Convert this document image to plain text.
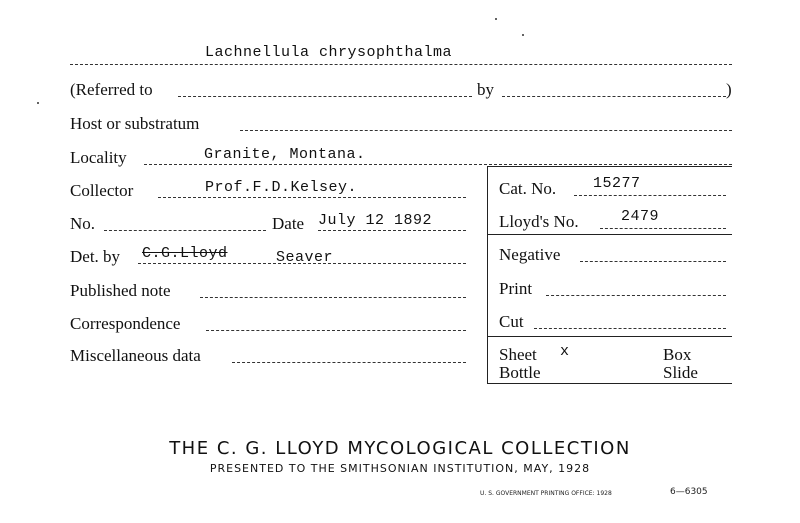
Lachnellula chrysophthalma
(Referred to	by	)
Host or substratum
Locality	Granite, Montana.
Collector	Prof.F.D.Kelsey.
No.	Date July 12 1892
Det. by C.G.Lloyd	Seaver
Published note
Correspondence
Miscellaneous data
Cat. No. 15277
Lloyd's No.	2479
Negative
Print
Cut
Sheet x	Box
Bottle	Slide
THE C. G. LLOYD MYCOLOGICAL COLLECTION
PRESENTED TO THE SMITHSONIAN INSTITUTION, MAY, 1928
U. S. GOVERNMENT PRINTING OFFICE: 1928	6—6305
